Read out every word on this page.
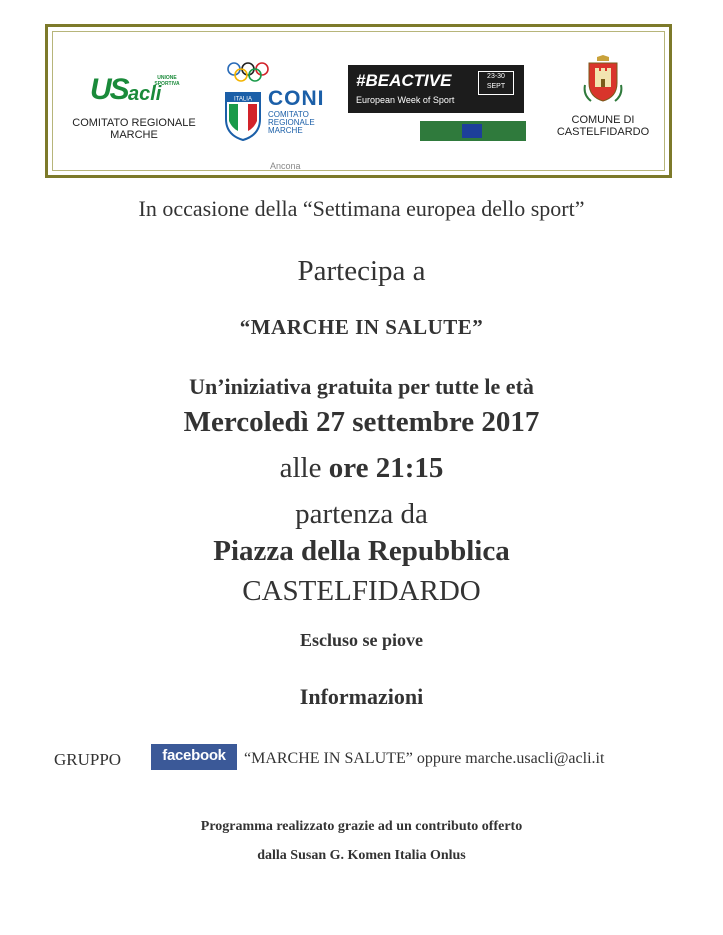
US acli
UNIONE SPORTIVA
COMITATO REGIONALE
MARCHE
ITALIA CONI
COMITATO
REGIONALE
MARCHE
Ancona
#BEACTIVE
European Week of Sport
23-30
SEPT
COMUNE DI
CASTELFIDARDO
In occasione della “Settimana europea dello sport”
Partecipa a
“MARCHE IN SALUTE”
Un’iniziativa gratuita per tutte le età
Mercoledì 27 settembre 2017
alle ore 21:15
partenza da
Piazza della Repubblica
CASTELFIDARDO
Escluso se piove
Informazioni
GRUPPO	facebook	“MARCHE IN SALUTE” oppure marche.usacli@acli.it
Programma realizzato grazie ad un contributo offerto
dalla Susan G. Komen Italia Onlus
